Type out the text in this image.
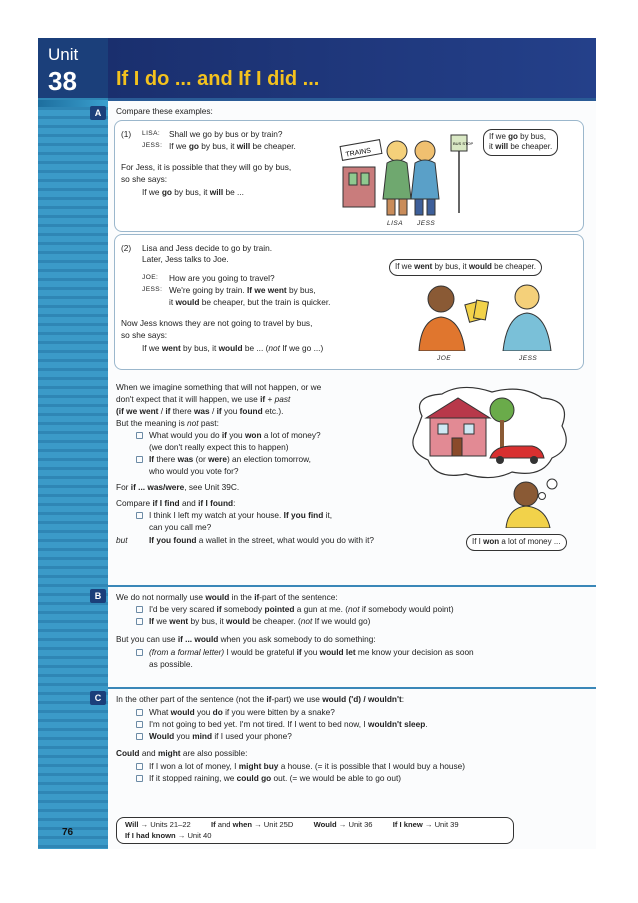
Unit
38 If I do ... and If I did ...
A
B
C
Compare these examples:
(1) LISA: Shall we go by bus or by train?
JESS: If we go by bus, it will be cheaper.
For Jess, it is possible that they will go by bus,
so she says:
If we go by bus, it will be ...
TRAINS
BUS STOP
LISA JESS
If we go by bus,
it will be cheaper.
(2) Lisa and Jess decide to go by train.
Later, Jess talks to Joe.
JOE: How are you going to travel?
JESS: We're going by train. If we went by bus,
it would be cheaper, but the train is quicker.
Now Jess knows they are not going to travel by bus,
so she says:
If we went by bus, it would be ... (not If we go ...)
If we went by bus, it would be cheaper.
JOE	JESS
When we imagine something that will not happen, or we
don't expect that it will happen, we use if + past
(if we went / if there was / if you found etc.).
But the meaning is not past:
What would you do if you won a lot of money?
(we don't really expect this to happen)
If there was (or were) an election tomorrow,
who would you vote for?
For if ... was/were, see Unit 39C.
Compare if I find and if I found:
I think I left my watch at your house. If you find it,
can you call me?
but	If you found a wallet in the street, what would you do with it?	If I won a lot of money ...
We do not normally use would in the if-part of the sentence:
I'd be very scared if somebody pointed a gun at me. (not if somebody would point)
If we went by bus, it would be cheaper. (not If we would go)
But you can use if ... would when you ask somebody to do something:
(from a formal letter) I would be grateful if you would let me know your decision as soon
as possible.
In the other part of the sentence (not the if-part) we use would ('d) / wouldn't:
What would you do if you were bitten by a snake?
I'm not going to bed yet. I'm not tired. If I went to bed now, I wouldn't sleep.
Would you mind if I used your phone?
Could and might are also possible:
If I won a lot of money, I might buy a house. (= it is possible that I would buy a house)
If it stopped raining, we could go out. (= we would be able to go out)
76
Will → Units 21–22	If and when → Unit 25D	Would → Unit 36	If I knew → Unit 39
If I had known → Unit 40
